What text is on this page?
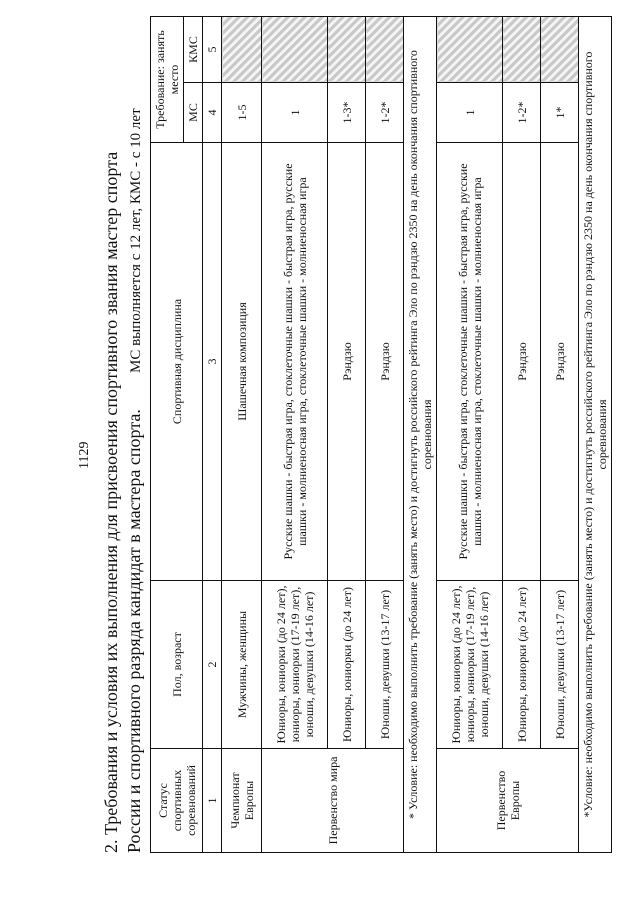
1129 2. Требования и условия их выполнения для присвоения спортивного звания мастер спорта России и спортивного разряда кандидат в мастера спорта.
МС выполняется с 12 лет, КМС - с 10 лет
Статус спортивных соревнований	Пол, возраст	Спортивная дисциплина	Требование: занять место	
			МС	КМС
1	2	3	4	5
Чемпионат Европы	Мужчины, женщины	Шашечная композиция	1-5	
Первенство мира	Юниоры, юниорки (до 24 лет), юниоры, юниорки (17-19 лет), юноши, девушки (14-16 лет)	Русские шашки - быстрая игра, стоклеточные шашки - быстрая игра, русские шашки - молниеносная игра, стоклеточные шашки - молниеносная игра	1	
	Юниоры, юниорки (до 24 лет)	Рэндзю	1-3*	
	Юноши, девушки (13-17 лет)	Рэндзю	1-2*	
* Условие: необходимо выполнить требование (занять место) и достигнуть российского рейтинга Эло по рэндзю 2350 на день окончания спортивного соревнования				
Первенство Европы	Юниоры, юниорки (до 24 лет), юниоры, юниорки (17-19 лет), юноши, девушки (14-16 лет)	Русские шашки - быстрая игра, стоклеточные шашки - быстрая игра, русские шашки - молниеносная игра, стоклеточные шашки - молниеносная игра	1	
	Юниоры, юниорки (до 24 лет)	Рэндзю	1-2*	
	Юноши, девушки (13-17 лет)	Рэндзю	1*	
*Условие: необходимо выполнить требование (занять место) и достигнуть российского рейтинга Эло по рэндзю 2350 на день окончания спортивного соревнования				
